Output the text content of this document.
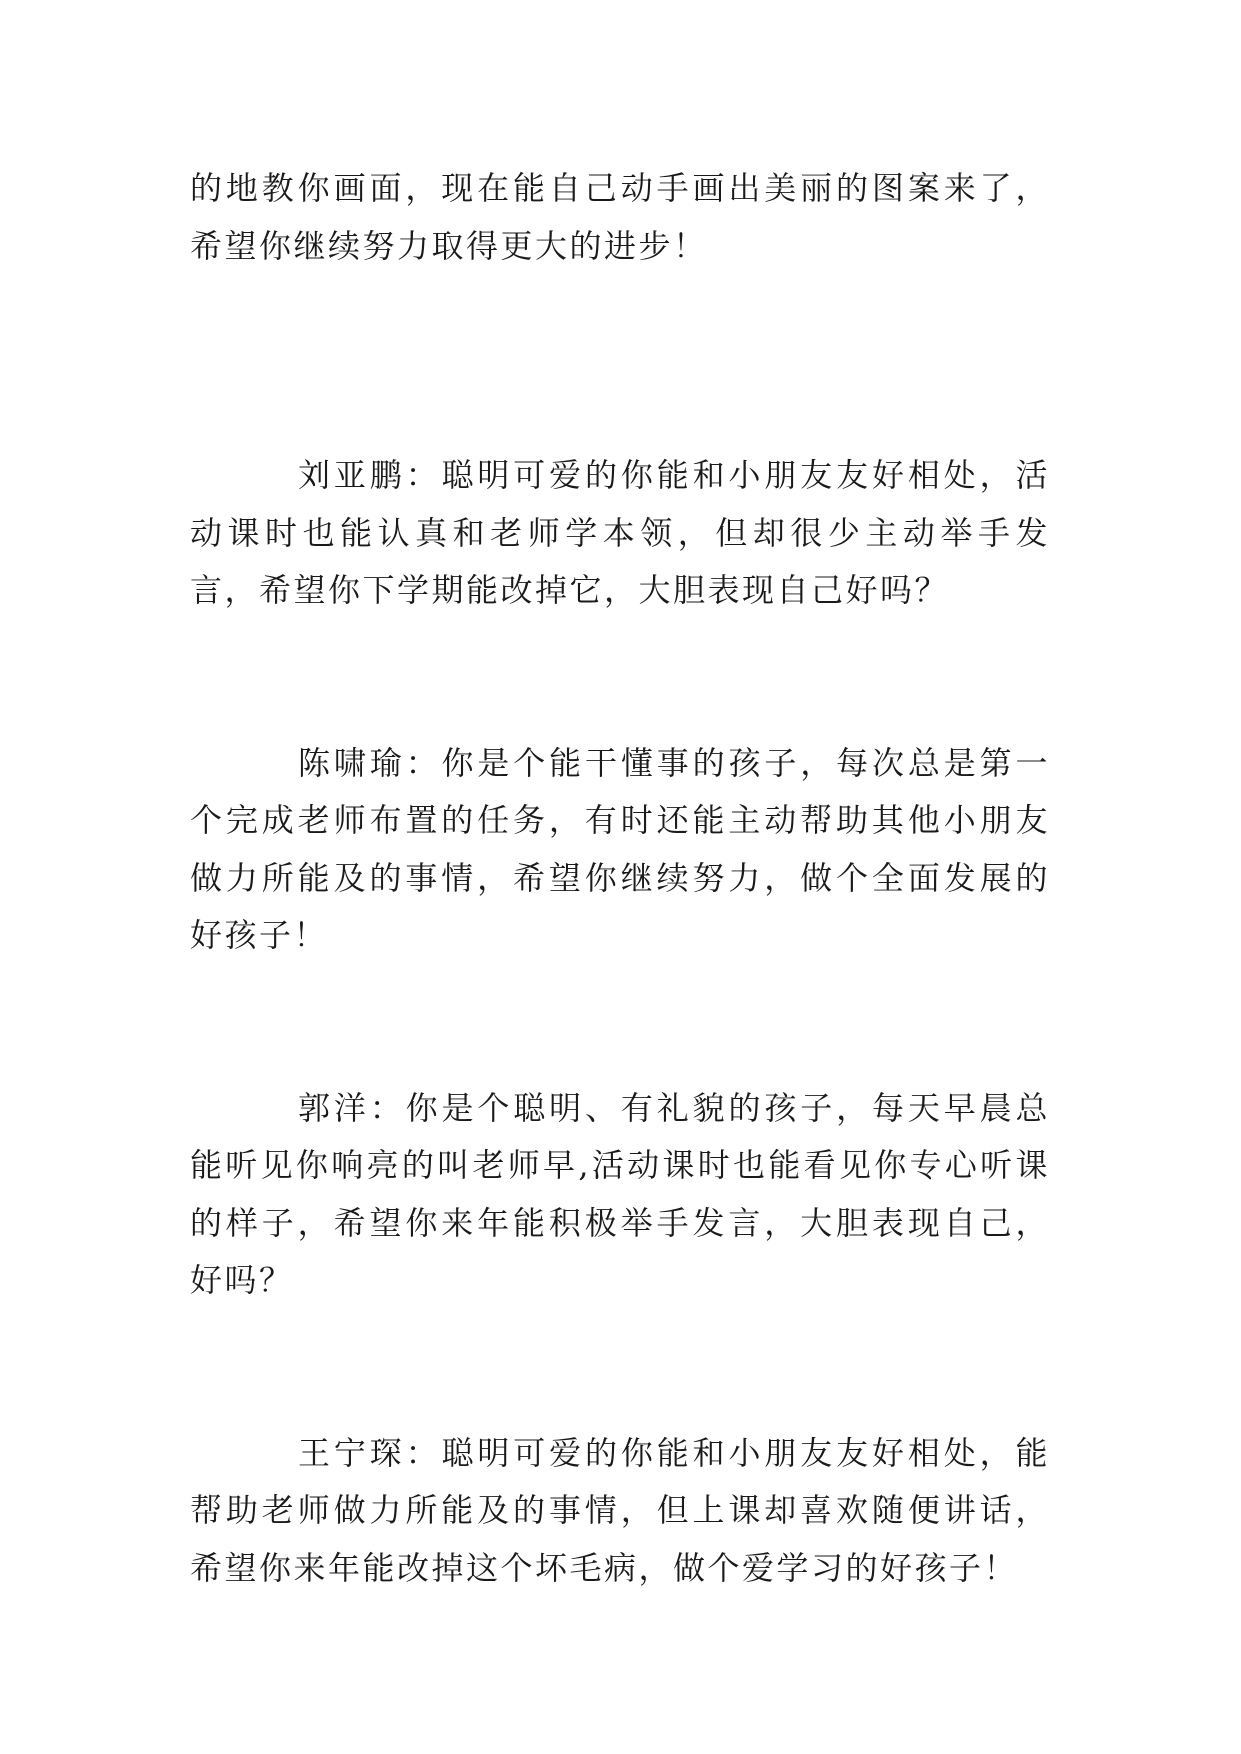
的地教你画面，现在能自己动手画出美丽的图案来了，希望你继续努力取得更大的进步！

刘亚鹏：聪明可爱的你能和小朋友友好相处，活动课时也能认真和老师学本领，但却很少主动举手发言，希望你下学期能改掉它，大胆表现自己好吗？

陈啸瑜：你是个能干懂事的孩子，每次总是第一个完成老师布置的任务，有时还能主动帮助其他小朋友做力所能及的事情，希望你继续努力，做个全面发展的好孩子！

郭洋：你是个聪明、有礼貌的孩子，每天早晨总能听见你响亮的叫老师早,活动课时也能看见你专心听课的样子，希望你来年能积极举手发言，大胆表现自己，好吗？

王宁琛：聪明可爱的你能和小朋友友好相处，能帮助老师做力所能及的事情，但上课却喜欢随便讲话，希望你来年能改掉这个坏毛病，做个爱学习的好孩子！
